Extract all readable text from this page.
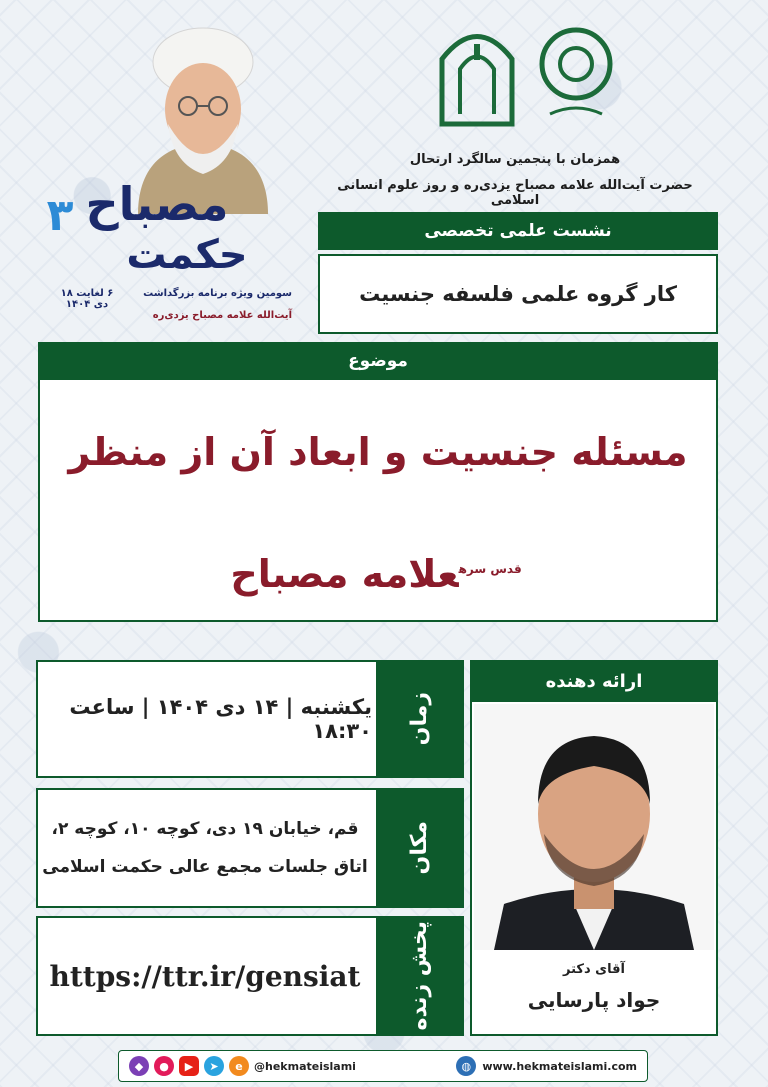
مصباح
حکمت
۳
سومین ویژه برنامه بزرگداشت
۶ لغایت ۱۸ دی ۱۴۰۴
آیت‌الله علامه مصباح یزدی‌ره
همزمان با پنجمین سالگرد ارتحال
حضرت آیت‌الله علامه مصباح یزدی‌ره و روز علوم انسانی اسلامی
نشست علمی تخصصی
کار گروه علمی فلسفه جنسیت
موضوع
مسئله جنسیت و ابعاد آن از منظر
$^{قدس سره}$علامه مصباح
زمان
یکشنبه | ۱۴ دی ۱۴۰۴ | ساعت ۱۸:۳۰
مکان
قم، خیابان ۱۹ دی، کوچه ۱۰، کوچه ۲،
اتاق جلسات مجمع عالی حکمت اسلامی
پخش زنده
https://ttr.ir/gensiat
ارائه دهنده
آقای دکتر
جواد پارسایی
◆	●	▶	➤	e	@hekmateislami	◍	www.hekmateislami.com
